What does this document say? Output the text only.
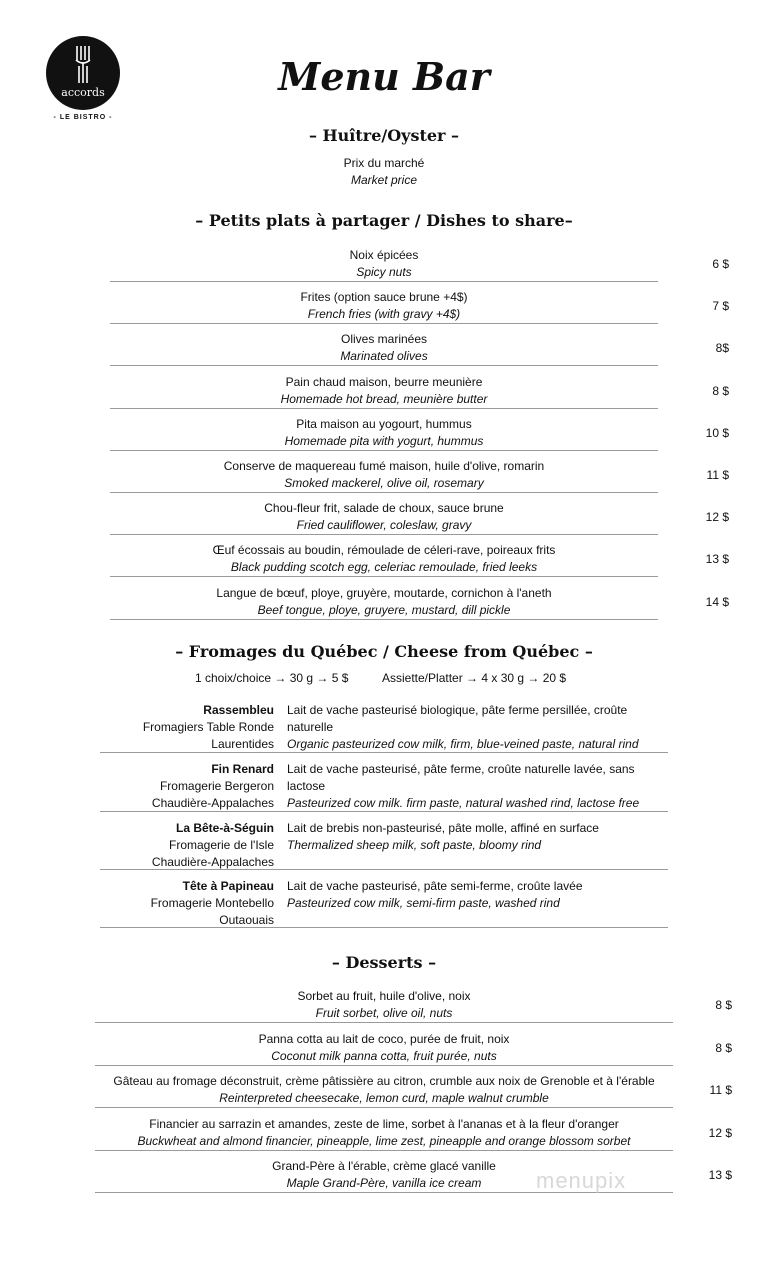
accords
- LE BISTRO -
Menu Bar
– Huître/Oyster –
Prix du marché
Market price
– Petits plats à partager / Dishes to share–
Noix épicées
Spicy nuts
6 $
Frites (option sauce brune +4$)
French fries (with gravy +4$)
7 $
Olives marinées
Marinated olives
8$
Pain chaud maison, beurre meunière
Homemade hot bread, meunière butter
8 $
Pita maison au yogourt, hummus
Homemade pita with yogurt, hummus
10 $
Conserve de maquereau fumé maison, huile d'olive, romarin
Smoked mackerel, olive oil, rosemary
11 $
Chou-fleur frit, salade de choux, sauce brune
Fried cauliflower, coleslaw, gravy
12 $
Œuf écossais au boudin, rémoulade de céleri-rave, poireaux frits
Black pudding scotch egg, celeriac remoulade, fried leeks
13 $
Langue de bœuf, ploye, gruyère, moutarde, cornichon à l'aneth
Beef tongue, ploye, gruyere, mustard, dill pickle
14 $
– Fromages du Québec / Cheese from Québec –
1 choix/choice → 30 g → 5 $	Assiette/Platter → 4 x 30 g → 20 $
Rassembleu
Fromagiers Table Ronde
Laurentides
Lait de vache pasteurisé biologique, pâte ferme persillée, croûte
naturelle
Organic pasteurized cow milk, firm, blue-veined paste, natural rind
Fin Renard
Fromagerie Bergeron
Chaudière-Appalaches
Lait de vache pasteurisé, pâte ferme, croûte naturelle lavée, sans
lactose
Pasteurized cow milk. firm paste, natural washed rind, lactose free
La Bête-à-Séguin
Fromagerie de l'Isle
Chaudière-Appalaches
Lait de brebis non-pasteurisé, pâte molle, affiné en surface
Thermalized sheep milk, soft paste, bloomy rind
Tête à Papineau
Fromagerie Montebello
Outaouais
Lait de vache pasteurisé, pâte semi-ferme, croûte lavée
Pasteurized cow milk, semi-firm paste, washed rind
– Desserts –
Sorbet au fruit, huile d'olive, noix
Fruit sorbet, olive oil, nuts
8 $
Panna cotta au lait de coco, purée de fruit, noix
Coconut milk panna cotta, fruit purée, nuts
8 $
Gâteau au fromage déconstruit, crème pâtissière au citron, crumble aux noix de Grenoble et à l'érable
Reinterpreted cheesecake, lemon curd, maple walnut crumble
11 $
Financier au sarrazin et amandes, zeste de lime, sorbet à l'ananas et à la fleur d'oranger
Buckwheat and almond financier, pineapple, lime zest, pineapple and orange blossom sorbet
12 $
Grand-Père à l'érable, crème glacé vanille
Maple Grand-Père, vanilla ice cream
13 $
menupix
